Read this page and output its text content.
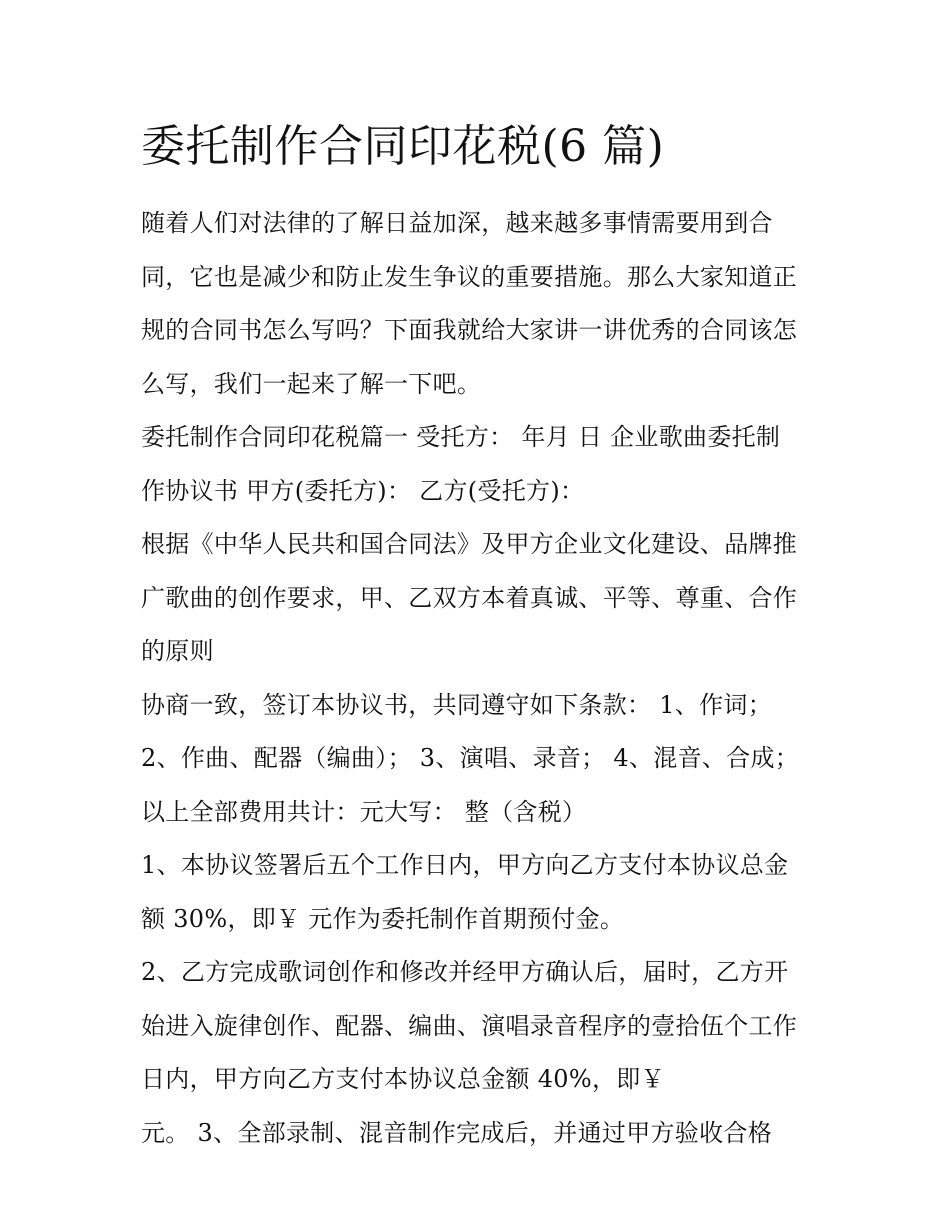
委托制作合同印花税(6 篇)
随着人们对法律的了解日益加深，越来越多事情需要用到合
同，它也是减少和防止发生争议的重要措施。那么大家知道正
规的合同书怎么写吗？下面我就给大家讲一讲优秀的合同该怎
么写，我们一起来了解一下吧。
委托制作合同印花税篇一 受托方： 年月 日 企业歌曲委托制
作协议书 甲方(委托方)： 乙方(受托方)：
根据《中华人民共和国合同法》及甲方企业文化建设、品牌推
广歌曲的创作要求，甲、乙双方本着真诚、平等、尊重、合作
的原则
协商一致，签订本协议书，共同遵守如下条款： 1、作词；
2、作曲、配器（编曲）； 3、演唱、录音； 4、混音、合成；
以上全部费用共计：元大写： 整（含税）
1、本协议签署后五个工作日内，甲方向乙方支付本协议总金
额 30%，即￥ 元作为委托制作首期预付金。
2、乙方完成歌词创作和修改并经甲方确认后，届时，乙方开
始进入旋律创作、配器、编曲、演唱录音程序的壹拾伍个工作
日内，甲方向乙方支付本协议总金额 40%，即￥
元。 3、全部录制、混音制作完成后，并通过甲方验收合格
